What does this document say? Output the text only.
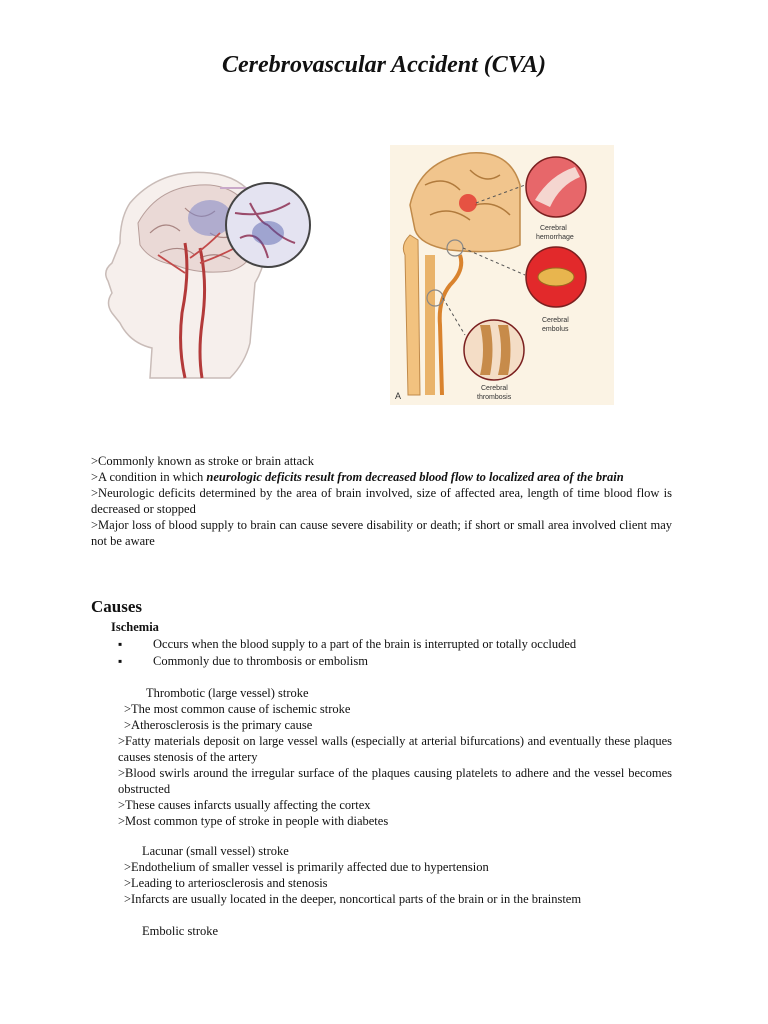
Cerebrovascular Accident (CVA)
Cerebral
hemorrhage
Cerebral
embolus
Cerebral
thrombosis
A

>Commonly known as stroke or brain attack

>A condition in which neurologic deficits result from decreased blood flow to localized area of the brain

>Neurologic deficits determined by the area of brain involved, size of affected area, length of time blood flow is decreased or stopped

>Major loss of blood supply to brain can cause severe disability or death; if short or small area involved client may not be aware

Causes
Ischemia
▪ Occurs when the blood supply to a part of the brain is interrupted or totally occluded
▪ Commonly due to thrombosis or embolism

Thrombotic (large vessel) stroke

>The most common cause of ischemic stroke

>Atherosclerosis is the primary cause

>Fatty materials deposit on large vessel walls (especially at arterial bifurcations) and eventually these plaques causes stenosis of the artery

>Blood swirls around the irregular surface of the plaques causing platelets to adhere and the vessel becomes obstructed

>These causes infarcts usually affecting the cortex

>Most common type of stroke in people with diabetes

Lacunar (small vessel) stroke

>Endothelium of smaller vessel is primarily affected due to hypertension

>Leading to arteriosclerosis and stenosis

>Infarcts are usually located in the deeper, noncortical parts of the brain or in the brainstem

Embolic stroke
